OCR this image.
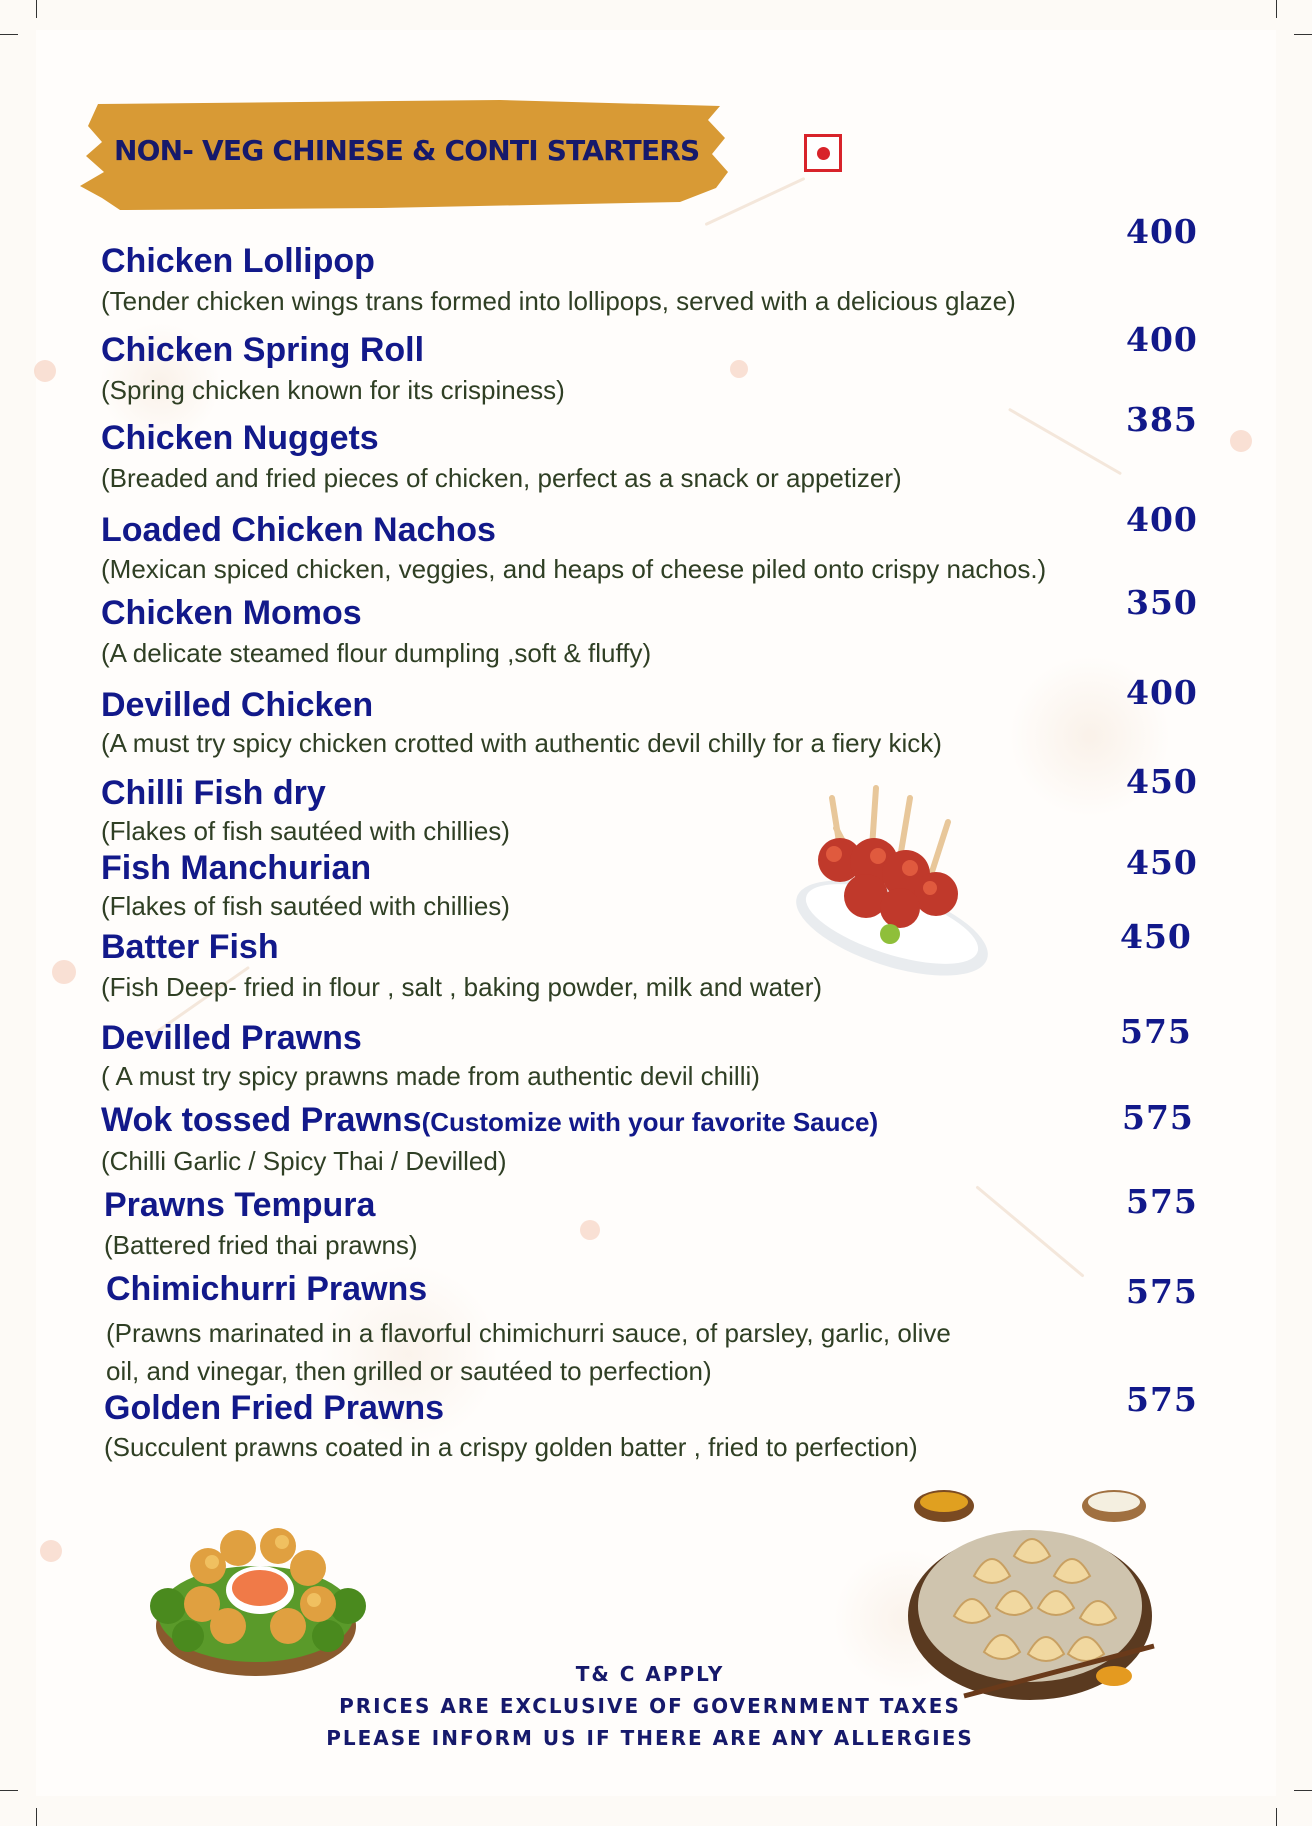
NON- VEG CHINESE & CONTI STARTERS
Chicken Lollipop
(Tender chicken wings trans formed into lollipops, served with a delicious glaze)
400
Chicken Spring Roll
(Spring chicken known for its crispiness)
400
Chicken Nuggets
(Breaded and fried pieces of chicken, perfect as a snack or appetizer)
385
Loaded Chicken Nachos
(Mexican spiced chicken, veggies, and heaps of cheese piled onto crispy nachos.)
400
Chicken Momos
(A delicate steamed flour dumpling ,soft & fluffy)
350
Devilled Chicken
(A must try spicy chicken crotted with authentic devil chilly for a fiery kick)
400
Chilli Fish dry
(Flakes of fish sautéed with chillies)
450
Fish Manchurian
(Flakes of fish sautéed with chillies)
450
Batter Fish
(Fish Deep- fried in flour , salt , baking powder, milk and water)
450
Devilled Prawns
( A must try spicy prawns made from authentic devil chilli)
575
Wok tossed Prawns(Customize with your favorite Sauce)
(Chilli Garlic / Spicy Thai / Devilled)
575
Prawns Tempura
(Battered fried thai prawns)
575
Chimichurri Prawns
(Prawns marinated in a flavorful chimichurri sauce, of parsley, garlic, olive
oil, and vinegar, then grilled or sautéed to perfection)
575
Golden Fried Prawns
(Succulent prawns coated in a crispy golden batter , fried to perfection)
575
T& C APPLY
PRICES ARE EXCLUSIVE OF GOVERNMENT TAXES
PLEASE INFORM US IF THERE ARE ANY ALLERGIES
